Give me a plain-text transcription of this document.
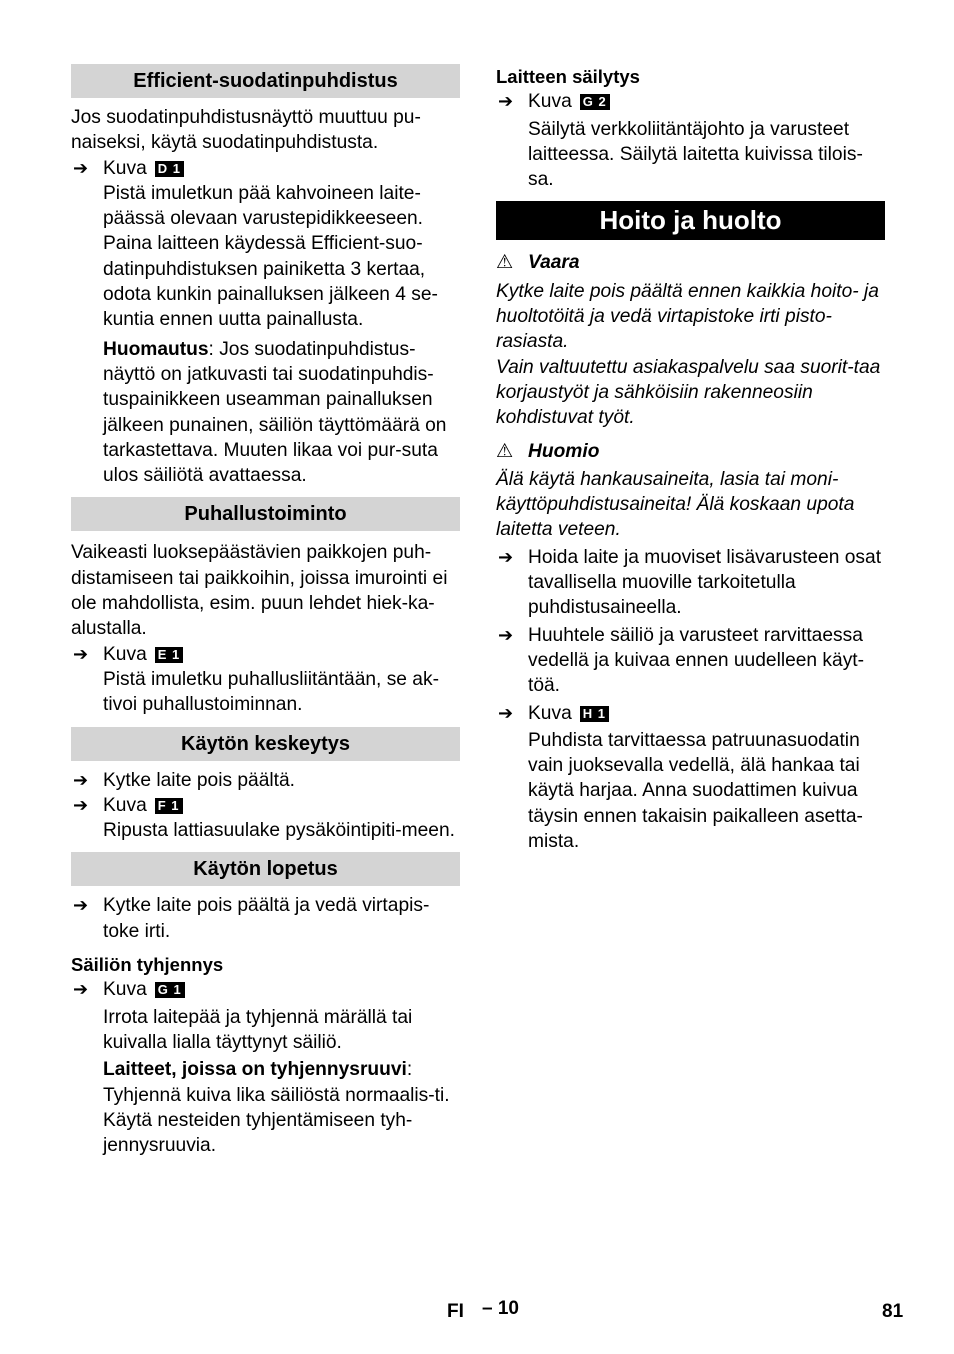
Efficient-suodatinpuhdistus

Jos suodatinpuhdistusnäyttö muuttuu pu-naiseksi, käytä suodatinpuhdistusta.

➔ Kuva D 1

Pistä imuletkun pää kahvoineen laite-päässä olevaan varustepidikkeeseen. Paina laitteen käydessä Efficient-suo-datinpuhdistuksen painiketta 3 kertaa, odota kunkin painalluksen jälkeen 4 se-kuntia ennen uutta painallusta.

Huomautus: Jos suodatinpuhdistus-näyttö on jatkuvasti tai suodatinpuhdis-tuspainikkeen useamman painalluksen jälkeen punainen, säiliön täyttömäärä on tarkastettava. Muuten likaa voi pur-suta ulos säiliötä avattaessa.

Puhallustoiminto

Vaikeasti luoksepäästävien paikkojen puh-distamiseen tai paikkoihin, joissa imurointi ei ole mahdollista, esim. puun lehdet hiek-ka-alustalla.

➔ Kuva E 1

Pistä imuletku puhallusliitäntään, se ak-tivoi puhallustoiminnan.

Käytön keskeytys
➔ Kytke laite pois päältä.
➔ Kuva F 1

Ripusta lattiasuulake pysäköintipiti-meen.

Käytön lopetus
➔ Kytke laite pois päältä ja vedä virtapis-toke irti.

Säiliön tyhjennys

➔ Kuva G 1

Irrota laitepää ja tyhjennä märällä tai kuivalla lialla täyttynyt säiliö.

Laitteet, joissa on tyhjennysruuvi:
Tyhjennä kuiva lika säiliöstä normaalis-ti. Käytä nesteiden tyhjentämiseen tyh-jennysruuvia.

Laitteen säilytys

➔ Kuva G 2

Säilytä verkkoliitäntäjohto ja varusteet laitteessa. Säilytä laitetta kuivissa tilois-sa.

Hoito ja huolto

⚠ Vaara

Kytke laite pois päältä ennen kaikkia hoito- ja huoltotöitä ja vedä virtapistoke irti pisto-rasiasta.

Vain valtuutettu asiakaspalvelu saa suorit-taa korjaustyöt ja sähköisiin rakenneosiin kohdistuvat työt.

⚠ Huomio

Älä käytä hankausaineita, lasia tai moni-käyttöpuhdistusaineita! Älä koskaan upota laitetta veteen.

➔ Hoida laite ja muoviset lisävarusteen osat tavallisella muoville tarkoitetulla puhdistusaineella.
➔ Huuhtele säiliö ja varusteet rarvittaessa vedellä ja kuivaa ennen uudelleen käyt-töä.
➔ Kuva H 1

Puhdista tarvittaessa patruunasuodatin vain juoksevalla vedellä, älä hankaa tai käytä harjaa. Anna suodattimen kuivua täysin ennen takaisin paikalleen asetta-mista.

FI – 10	81
